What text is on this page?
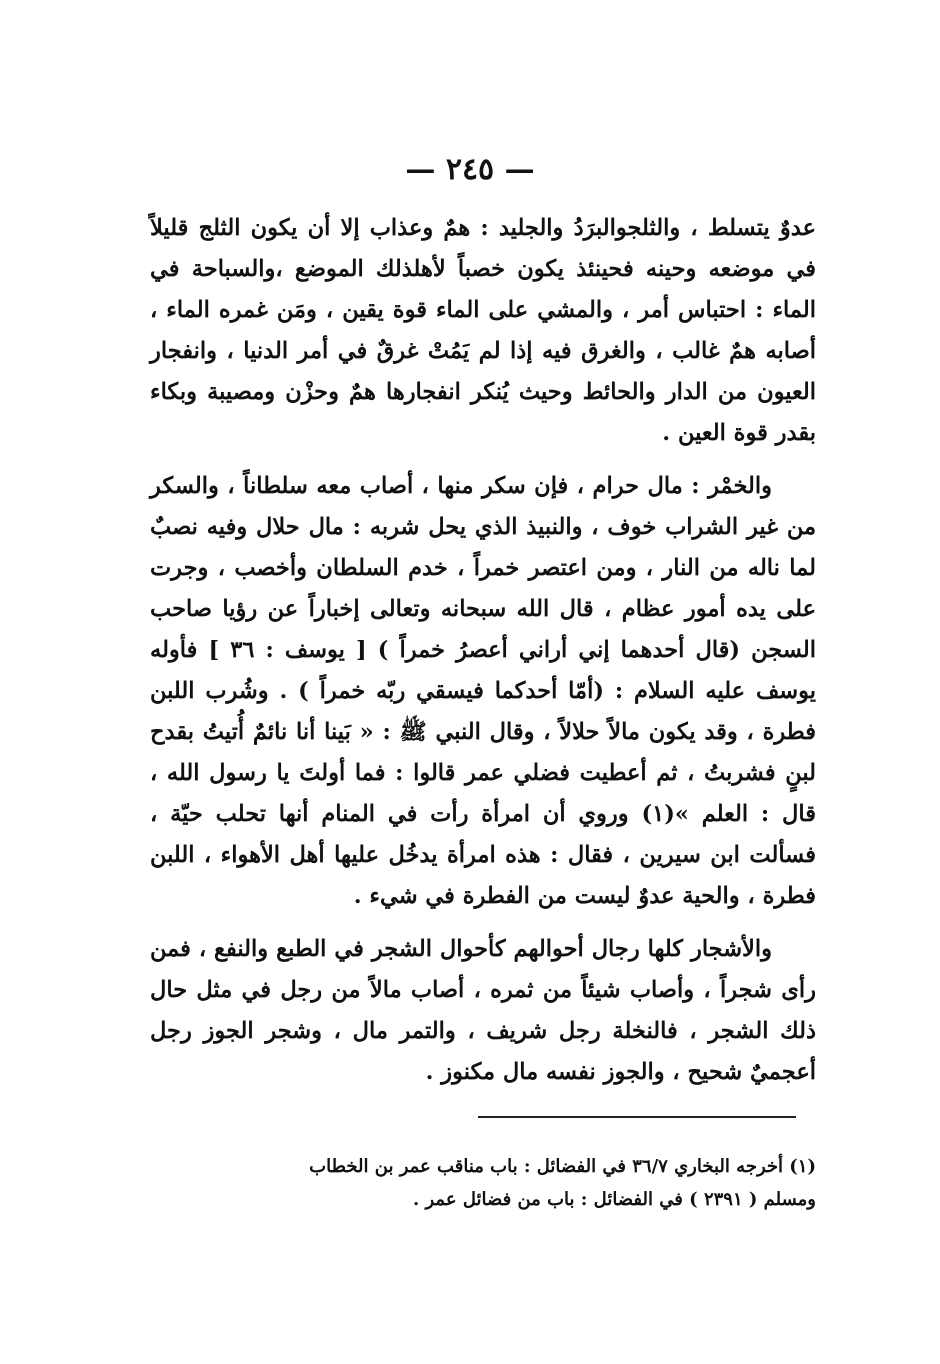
— ٢٤٥ —

عدوٌ يتسلط ، والثلجوالبرَدُ والجليد : همٌ وعذاب إلا أن يكون الثلج قليلاً في موضعه وحينه فحينئذ يكون خصباً لأهلذلك الموضع ،والسباحة في الماء : احتباس أمر ، والمشي على الماء قوة يقين ، ومَن غمره الماء ، أصابه همٌ غالب ، والغرق فيه إذا لم يَمُتْ غرقٌ في أمر الدنيا ، وانفجار العيون من الدار والحائط وحيث يُنكر انفجارها همٌ وحزْن ومصيبة وبكاء بقدر قوة العين .

والخمْر : مال حرام ، فإن سكر منها ، أصاب معه سلطاناً ، والسكر من غير الشراب خوف ، والنبيذ الذي يحل شربه : مال حلال وفيه نصبٌ لما ناله من النار ، ومن اعتصر خمراً ، خدم السلطان وأخصب ، وجرت على يده أمور عظام ، قال الله سبحانه وتعالى إخباراً عن رؤيا صاحب السجن (قال أحدهما إني أراني أعصرُ خمراً ) [ يوسف : ٣٦ ] فأوله يوسف عليه السلام : (أمّا أحدكما فيسقي ربّه خمراً ) . وشُرب اللبن فطرة ، وقد يكون مالاً حلالاً ، وقال النبي ﷺ : « بَينا أنا نائمٌ أُتيتُ بقدح لبنٍ فشربتُ ، ثم أعطيت فضلي عمر قالوا : فما أولتَ يا رسول الله ، قال : العلم »(١) وروي أن امرأة رأت في المنام أنها تحلب حيّة ، فسألت ابن سيرين ، فقال : هذه امرأة يدخُل عليها أهل الأهواء ، اللبن فطرة ، والحية عدوٌ ليست من الفطرة في شيء .

والأشجار كلها رجال أحوالهم كأحوال الشجر في الطبع والنفع ، فمن رأى شجراً ، وأصاب شيئاً من ثمره ، أصاب مالاً من رجل في مثل حال ذلك الشجر ، فالنخلة رجل شريف ، والتمر مال ، وشجر الجوز رجل أعجميٌ شحيح ، والجوز نفسه مال مكنوز .

(١) أخرجه البخاري ٣٦/٧ في الفضائل : باب مناقب عمر بن الخطاب

ومسلم ( ٢٣٩١ ) في الفضائل : باب من فضائل عمر .
